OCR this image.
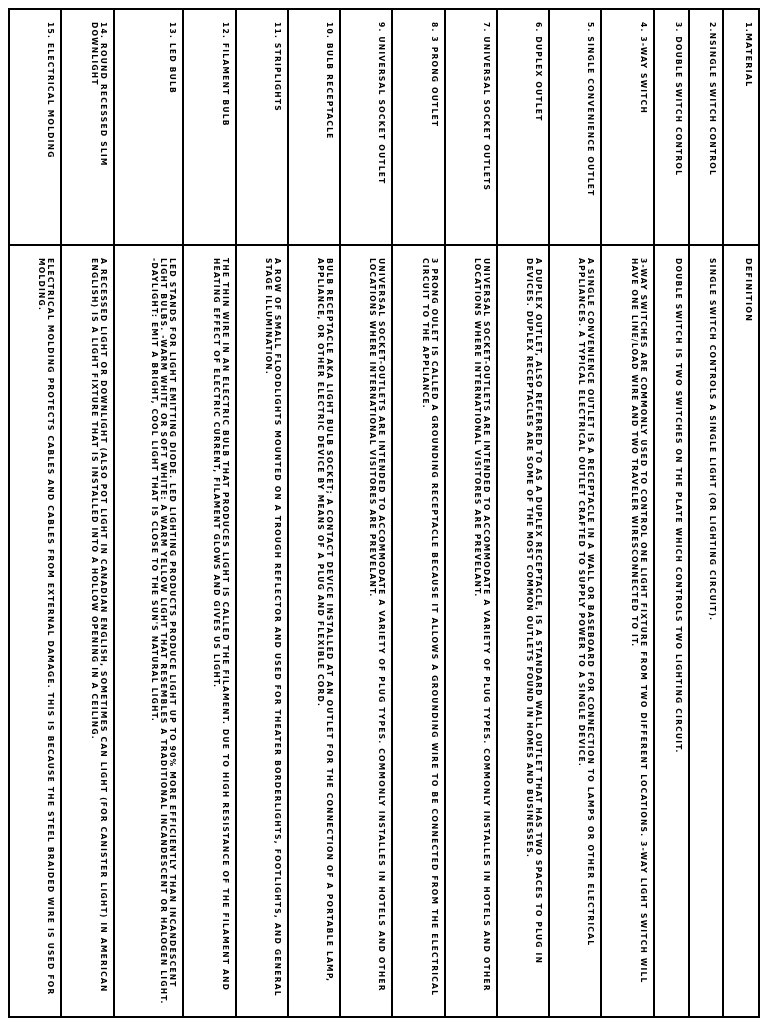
1.MATERIAL	DEFINITION
2.NSINGLE SWITCH CONTROL	SINGLE SWITCH CONTROLS A SINGLE LIGHT (OR LIGHTING CIRCUIT).
3. DOUBLE SWITCH CONTROL	DOUBLE SWITCH IS TWO SWITCHES ON THE PLATE WHICH CONTROLS TWO LIGHTING CIRCUIT.
4. 3-WAY SWITCH	3-WAY SWITCHES ARE COMMONLY USED TO CONTROL ONE LIGHT FIXTURE FROM TWO DIFFERENT LOCATIONS. 3-WAY LIGHT SWITCH WILL HAVE ONE LINE/LOAD WIRE AND TWO TRAVELER WIRESCONNECTED TO IT.
5. SINGLE CONVENIENCE OUTLET	A SINGLE CONVENIENCE OUTLET IS A RECEPTACLE IN A WALL OR BASEBOARD FOR CONNECTION TO LAMPS OR OTHER ELECTRICAL APPLIANCES. A TYPICAL ELECTRICAL OUTLET CRAFTED TO SUPPLY POWER TO A SINGLE DEVICE.
6. DUPLEX OUTLET	A DUPLEX OUTLET, ALSO REFERRED TO AS A DUPLEX RECEPTACLE, IS A STANDARD WALL OUTLET THAT HAS TWO SPACES TO PLUG IN DEVICES. DUPLEX RECEPTACLES ARE SOME OF THE MOST COMMON OUTLETS FOUND IN HOMES AND BUSINESSES.
7. UNIVERSAL SOCKET OUTLETS	UNIVERSAL SOCKET-OUTLETS ARE INTENDED TO ACCOMMODATE A VARIETY OF PLUG TYPES. COMMONLY INSTALLES IN HOTELS AND OTHER LOCATIONS WHERE INTERNATIONAL VISITORES ARE PREVELANT.
8. 3 PRONG OUTLET	3 PRONG OULET IS CALLED A GROUNDING RECEPTACLE BECAUSE IT ALLOWS A GROUNDING WIRE TO BE CONNECTED FROM THE ELECTRICAL CIRCUIT TO THE APPLIANCE.
9. UNIVERSAL SOCKET OUTLET	UNIVERSAL SOCKET-OUTLETS ARE INTENDED TO ACCOMMODATE A VARIETY OF PLUG TYPES. COMMONLY INSTALLES IN HOTELS AND OTHER LOCATIONS WHERE INTERNATIONAL VISITORES ARE PREVELANT.
10. BULB RECEPTACLE	BULB RECEPTACLE AKA LIGHT BULB SOCKET; A CONTACT DEVICE INSTALLED AT AN OUTLET FOR THE CONNECTION OF A PORTABLE LAMP, APPLIANCE, OR OTHER ELECTRIC DEVICE BY MEANS OF A PLUG AND FLEXIBLE CORD.
11. STRIPLIGHTS	A ROW OF SMALL FLOODLIGHTS MOUNTED ON A TROUGH REFLECTOR AND USED FOR THEATER BORDERLIGHTS, FOOTLIGHTS, AND GENERAL STAGE ILLUMINATION.
12. FILAMENT BULB	THE THIN WIRE IN AN ELECTRIC BULB THAT PRODUCES LIGHT IS CALLED THE FILAMENT. DUE TO HIGH RESISTANCE OF THE FILAMENT AND HEATING EFFECT OF ELECTRIC CURRENT, FILAMENT GLOWS AND GIVES US LIGHT.
13. LED BULB	LED STANDS FOR LIGHT EMITTING DIODE. LED LIGHTING PRODUCTS PRODUCE LIGHT UP TO 90% MORE EFFICIENTLY THAN INCANDESCENT LIGHT BULBS. -WARM WHITE OR SOFT WHITE: A WARM YELLOW LIGHT THAT RESEMBLES A TRADITIONAL INCANDESCENT OR HALOGEN LIGHT. -DAYLIGHT: EMIT A BRIGHT, COOL LIGHT THAT IS CLOSE TO THE SUN'S NATURAL LIGHT.
14. ROUND RECESSED SLIM DOWNLIGHT	A RECESSED LIGHT OR DOWNLIGHT (ALSO POT LIGHT IN CANADIAN ENGLISH, SOMETIMES CAN LIGHT (FOR CANISTER LIGHT) IN AMERICAN ENGLISH) IS A LIGHT FIXTURE THAT IS INSTALLED INTO A HOLLOW OPENING IN A CEILING.
15. ELECTRICAL MOLDING	ELECTRICAL MOLDING PROTECTS CABLES AND CABLES FROM EXTERNAL DAMAGE. THIS IS BECAUSE THE STEEL BRAIDED WIRE IS USED FOR MOLDING.
